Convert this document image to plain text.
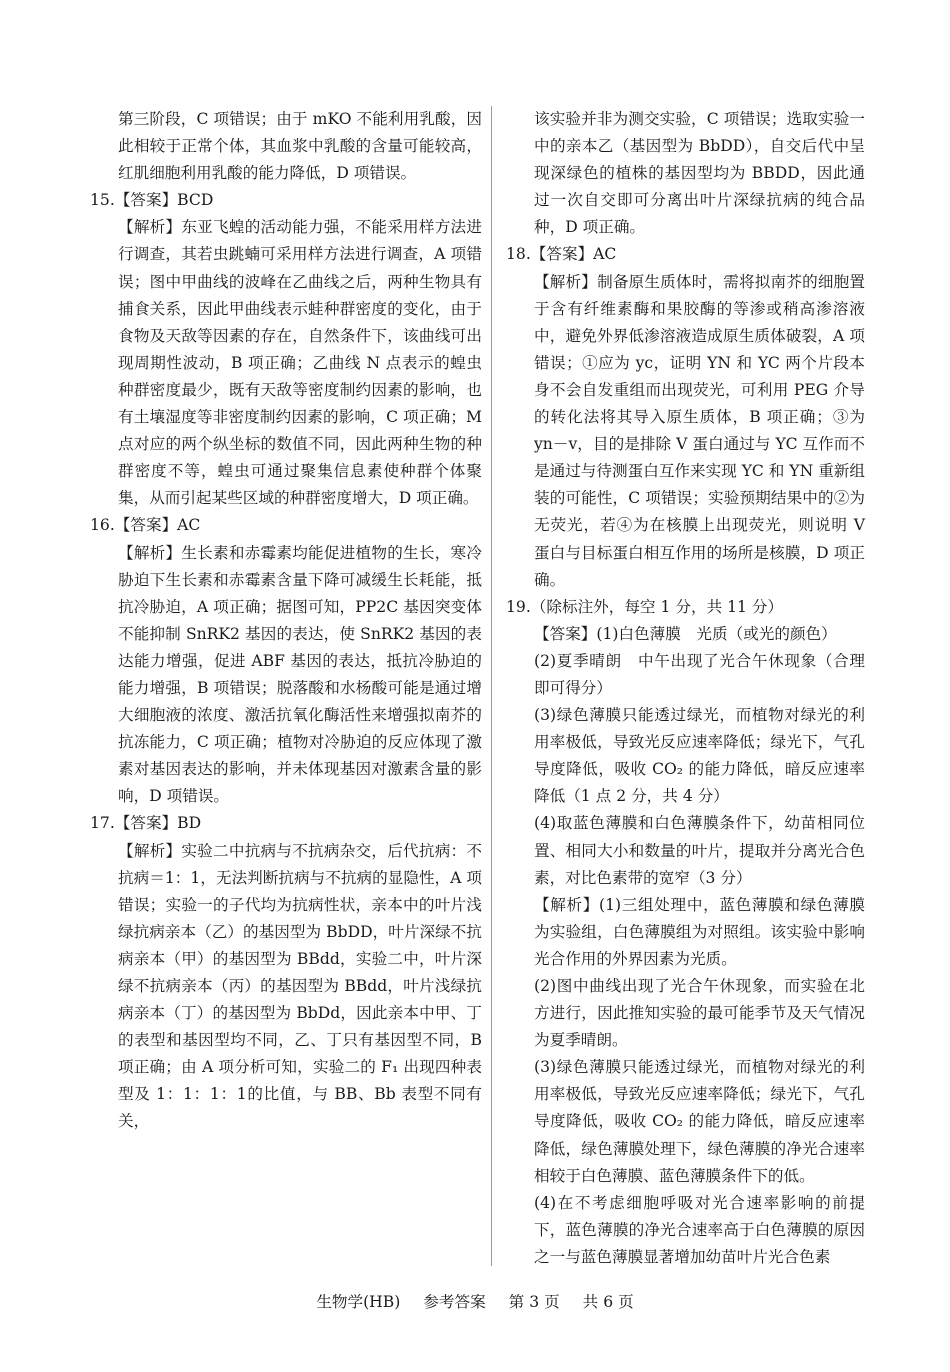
第三阶段，C 项错误；由于 mKO 不能利用乳酸，因此相较于正常个体，其血浆中乳酸的含量可能较高，红肌细胞利用乳酸的能力降低，D 项错误。

15.【答案】BCD

【解析】东亚飞蝗的活动能力强，不能采用样方法进行调查，其若虫跳蝻可采用样方法进行调查，A 项错误；图中甲曲线的波峰在乙曲线之后，两种生物具有捕食关系，因此甲曲线表示蛙种群密度的变化，由于食物及天敌等因素的存在，自然条件下，该曲线可出现周期性波动，B 项正确；乙曲线 N 点表示的蝗虫种群密度最少，既有天敌等密度制约因素的影响，也有土壤湿度等非密度制约因素的影响，C 项正确；M 点对应的两个纵坐标的数值不同，因此两种生物的种群密度不等，蝗虫可通过聚集信息素使种群个体聚集，从而引起某些区域的种群密度增大，D 项正确。

16.【答案】AC

【解析】生长素和赤霉素均能促进植物的生长，寒冷胁迫下生长素和赤霉素含量下降可减缓生长耗能，抵抗冷胁迫，A 项正确；据图可知，PP2C 基因突变体不能抑制 SnRK2 基因的表达，使 SnRK2 基因的表达能力增强，促进 ABF 基因的表达，抵抗冷胁迫的能力增强，B 项错误；脱落酸和水杨酸可能是通过增大细胞液的浓度、激活抗氧化酶活性来增强拟南芥的抗冻能力，C 项正确；植物对冷胁迫的反应体现了激素对基因表达的影响，并未体现基因对激素含量的影响，D 项错误。

17.【答案】BD

【解析】实验二中抗病与不抗病杂交，后代抗病：不抗病＝1：1，无法判断抗病与不抗病的显隐性，A 项错误；实验一的子代均为抗病性状，亲本中的叶片浅绿抗病亲本（乙）的基因型为 BbDD，叶片深绿不抗病亲本（甲）的基因型为 BBdd，实验二中，叶片深绿不抗病亲本（丙）的基因型为 BBdd，叶片浅绿抗病亲本（丁）的基因型为 BbDd，因此亲本中甲、丁的表型和基因型均不同，乙、丁只有基因型不同，B 项正确；由 A 项分析可知，实验二的 F₁ 出现四种表型及 1：1：1：1的比值，与 BB、Bb 表型不同有关，

该实验并非为测交实验，C 项错误；选取实验一中的亲本乙（基因型为 BbDD），自交后代中呈现深绿色的植株的基因型均为 BBDD，因此通过一次自交即可分离出叶片深绿抗病的纯合品种，D 项正确。

18.【答案】AC

【解析】制备原生质体时，需将拟南芥的细胞置于含有纤维素酶和果胶酶的等渗或稍高渗溶液中，避免外界低渗溶液造成原生质体破裂，A 项错误；①应为 yc，证明 YN 和 YC 两个片段本身不会自发重组而出现荧光，可利用 PEG 介导的转化法将其导入原生质体，B 项正确；③为 yn－v，目的是排除 V 蛋白通过与 YC 互作而不是通过与待测蛋白互作来实现 YC 和 YN 重新组装的可能性，C 项错误；实验预期结果中的②为无荧光，若④为在核膜上出现荧光，则说明 V 蛋白与目标蛋白相互作用的场所是核膜，D 项正确。

19.（除标注外，每空 1 分，共 11 分）

【答案】(1)白色薄膜　光质（或光的颜色）

(2)夏季晴朗　中午出现了光合午休现象（合理即可得分）

(3)绿色薄膜只能透过绿光，而植物对绿光的利用率极低，导致光反应速率降低；绿光下，气孔导度降低，吸收 CO₂ 的能力降低，暗反应速率降低（1 点 2 分，共 4 分）

(4)取蓝色薄膜和白色薄膜条件下，幼苗相同位置、相同大小和数量的叶片，提取并分离光合色素，对比色素带的宽窄（3 分）

【解析】(1)三组处理中，蓝色薄膜和绿色薄膜为实验组，白色薄膜组为对照组。该实验中影响光合作用的外界因素为光质。

(2)图中曲线出现了光合午休现象，而实验在北方进行，因此推知实验的最可能季节及天气情况为夏季晴朗。

(3)绿色薄膜只能透过绿光，而植物对绿光的利用率极低，导致光反应速率降低；绿光下，气孔导度降低，吸收 CO₂ 的能力降低，暗反应速率降低，绿色薄膜处理下，绿色薄膜的净光合速率相较于白色薄膜、蓝色薄膜条件下的低。

(4)在不考虑细胞呼吸对光合速率影响的前提下，蓝色薄膜的净光合速率高于白色薄膜的原因之一与蓝色薄膜显著增加幼苗叶片光合色素

生物学(HB) 参考答案 第 3 页 共 6 页
